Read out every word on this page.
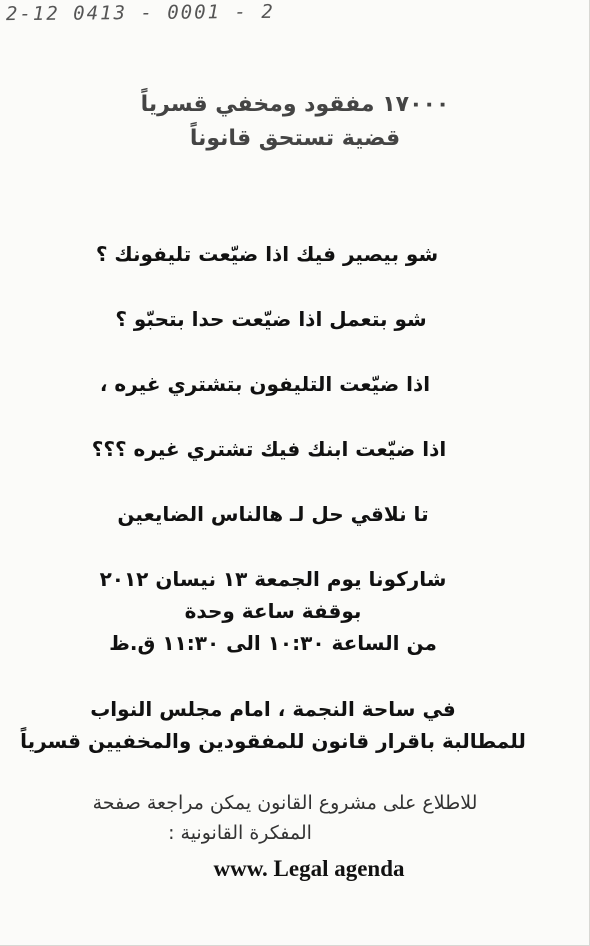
2-12 0413 - 0001 - 2
١٧٠٠٠ مفقود ومخفي قسرياً
قضية تستحق قانوناً
شو بيصير فيك اذا ضيّعت تليفونك ؟
شو بتعمل اذا ضيّعت حدا بتحبّو ؟
اذا ضيّعت التليفون بتشتري غيره ،
اذا ضيّعت ابنك فيك تشتري غيره ؟؟؟
تا نلاقي حل لـ هالناس الضايعين
شاركونا يوم الجمعة ١٣ نيسان ٢٠١٢
بوقفة ساعة وحدة
من الساعة ١٠:٣٠ الى ١١:٣٠ ق.ظ
في ساحة النجمة ، امام مجلس النواب
للمطالبة باقرار قانون للمفقودين والمخفيين قسرياً
للاطلاع على مشروع القانون يمكن مراجعة صفحة
المفكرة القانونية :
www. Legal agenda
